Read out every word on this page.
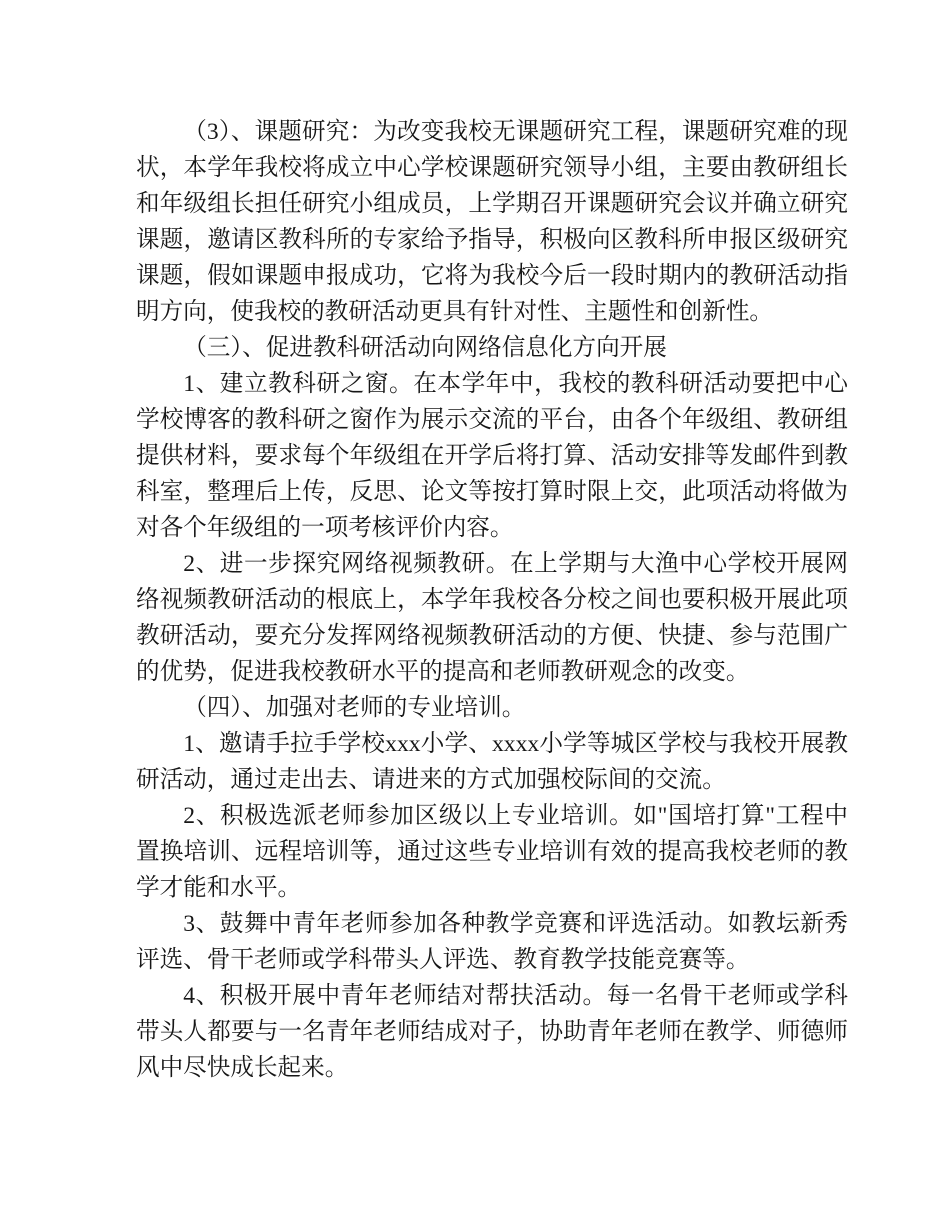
（3）、课题研究：为改变我校无课题研究工程，课题研究难的现状，本学年我校将成立中心学校课题研究领导小组，主要由教研组长和年级组长担任研究小组成员，上学期召开课题研究会议并确立研究课题，邀请区教科所的专家给予指导，积极向区教科所申报区级研究课题，假如课题申报成功，它将为我校今后一段时期内的教研活动指明方向，使我校的教研活动更具有针对性、主题性和创新性。

（三）、促进教科研活动向网络信息化方向开展

1、建立教科研之窗。在本学年中，我校的教科研活动要把中心学校博客的教科研之窗作为展示交流的平台，由各个年级组、教研组提供材料，要求每个年级组在开学后将打算、活动安排等发邮件到教科室，整理后上传，反思、论文等按打算时限上交，此项活动将做为对各个年级组的一项考核评价内容。

2、进一步探究网络视频教研。在上学期与大渔中心学校开展网络视频教研活动的根底上，本学年我校各分校之间也要积极开展此项教研活动，要充分发挥网络视频教研活动的方便、快捷、参与范围广的优势，促进我校教研水平的提高和老师教研观念的改变。

（四）、加强对老师的专业培训。

1、邀请手拉手学校xxx小学、xxxx小学等城区学校与我校开展教研活动，通过走出去、请进来的方式加强校际间的交流。

2、积极选派老师参加区级以上专业培训。如"国培打算"工程中置换培训、远程培训等，通过这些专业培训有效的提高我校老师的教学才能和水平。

3、鼓舞中青年老师参加各种教学竞赛和评选活动。如教坛新秀评选、骨干老师或学科带头人评选、教育教学技能竞赛等。

4、积极开展中青年老师结对帮扶活动。每一名骨干老师或学科带头人都要与一名青年老师结成对子，协助青年老师在教学、师德师风中尽快成长起来。
